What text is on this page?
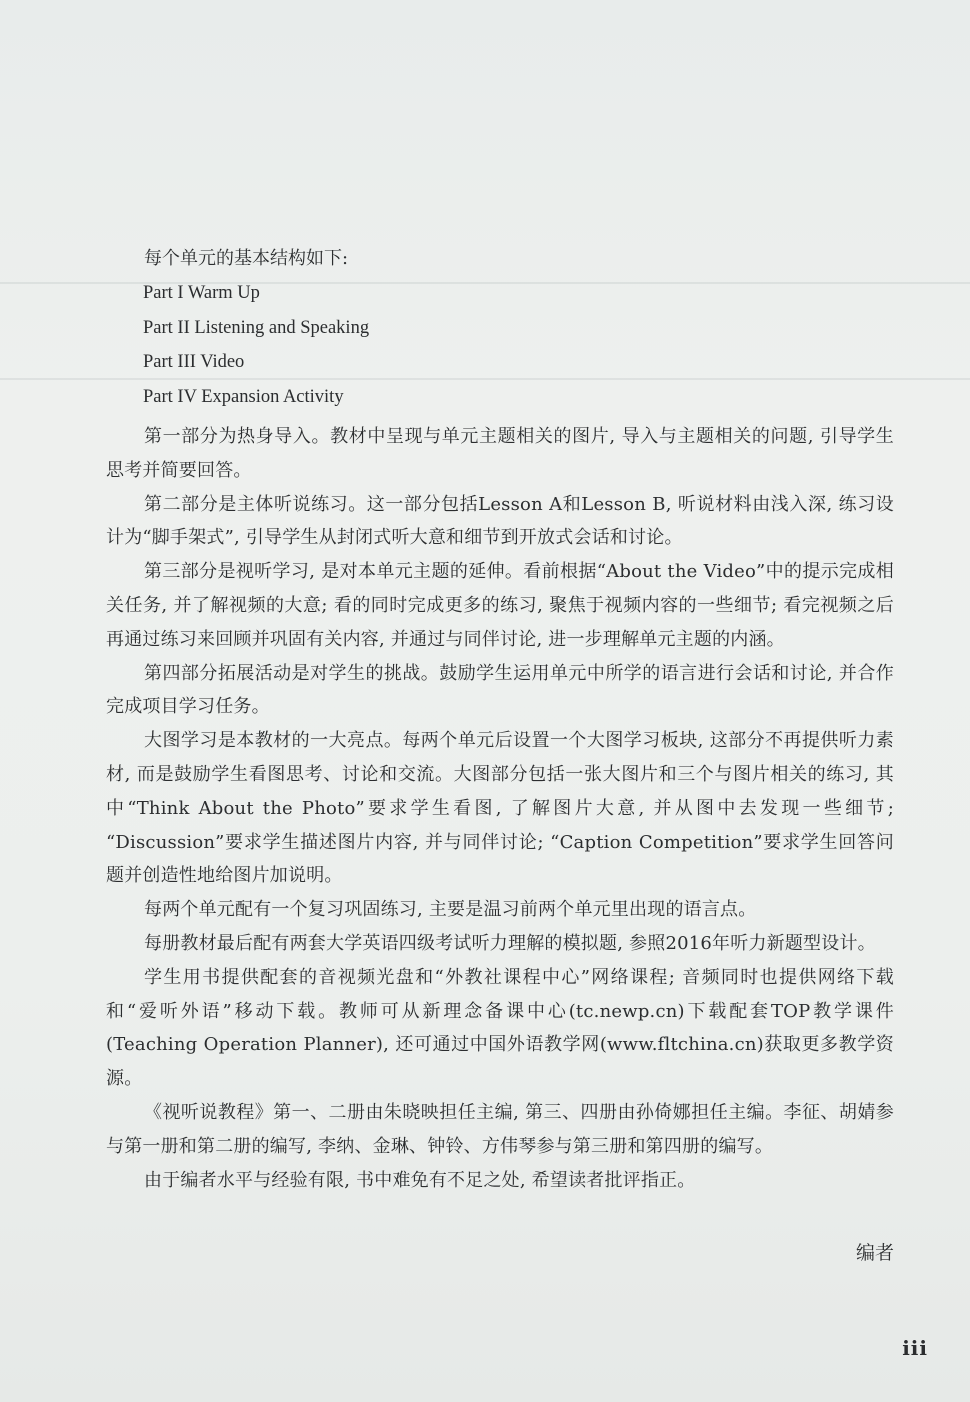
每个单元的基本结构如下:

Part I Warm Up
Part II Listening and Speaking
Part III Video
Part IV Expansion Activity

第一部分为热身导入。教材中呈现与单元主题相关的图片, 导入与主题相关的问题, 引导学生思考并简要回答。

第二部分是主体听说练习。这一部分包括Lesson A和Lesson B, 听说材料由浅入深, 练习设计为“脚手架式”, 引导学生从封闭式听大意和细节到开放式会话和讨论。

第三部分是视听学习, 是对本单元主题的延伸。看前根据“About the Video”中的提示完成相关任务, 并了解视频的大意; 看的同时完成更多的练习, 聚焦于视频内容的一些细节; 看完视频之后再通过练习来回顾并巩固有关内容, 并通过与同伴讨论, 进一步理解单元主题的内涵。

第四部分拓展活动是对学生的挑战。鼓励学生运用单元中所学的语言进行会话和讨论, 并合作完成项目学习任务。

大图学习是本教材的一大亮点。每两个单元后设置一个大图学习板块, 这部分不再提供听力素材, 而是鼓励学生看图思考、讨论和交流。大图部分包括一张大图片和三个与图片相关的练习, 其中“Think About the Photo”要求学生看图, 了解图片大意, 并从图中去发现一些细节; “Discussion”要求学生描述图片内容, 并与同伴讨论; “Caption Competition”要求学生回答问题并创造性地给图片加说明。

每两个单元配有一个复习巩固练习, 主要是温习前两个单元里出现的语言点。

每册教材最后配有两套大学英语四级考试听力理解的模拟题, 参照2016年听力新题型设计。

学生用书提供配套的音视频光盘和“外教社课程中心”网络课程; 音频同时也提供网络下载和“爱听外语”移动下载。教师可从新理念备课中心(tc.newp.cn)下载配套TOP教学课件(Teaching Operation Planner), 还可通过中国外语教学网(www.fltchina.cn)获取更多教学资源。

《视听说教程》第一、二册由朱晓映担任主编, 第三、四册由孙倚娜担任主编。李征、胡婧参与第一册和第二册的编写, 李纳、金琳、钟铃、方伟琴参与第三册和第四册的编写。

由于编者水平与经验有限, 书中难免有不足之处, 希望读者批评指正。

编者

iii
